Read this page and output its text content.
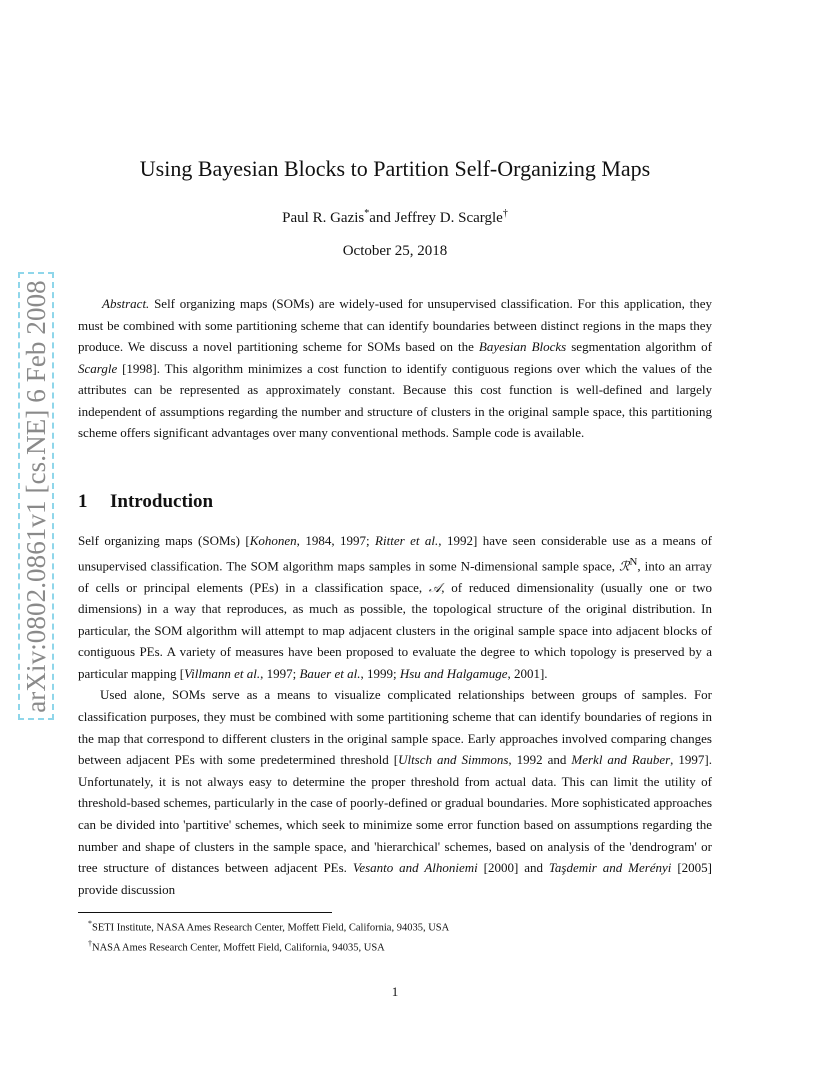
arXiv:0802.0861v1 [cs.NE] 6 Feb 2008
Using Bayesian Blocks to Partition Self-Organizing Maps
Paul R. Gazis*and Jeffrey D. Scargle†
October 25, 2018

Abstract. Self organizing maps (SOMs) are widely-used for unsupervised classification. For this application, they must be combined with some partitioning scheme that can identify boundaries between distinct regions in the maps they produce. We discuss a novel partitioning scheme for SOMs based on the Bayesian Blocks segmentation algorithm of Scargle [1998]. This algorithm minimizes a cost function to identify contiguous regions over which the values of the attributes can be represented as approximately constant. Because this cost function is well-defined and largely independent of assumptions regarding the number and structure of clusters in the original sample space, this partitioning scheme offers significant advantages over many conventional methods. Sample code is available.

1 Introduction

Self organizing maps (SOMs) [Kohonen, 1984, 1997; Ritter et al., 1992] have seen considerable use as a means of unsupervised classification. The SOM algorithm maps samples in some N-dimensional sample space, ℛ$^N$, into an array of cells or principal elements (PEs) in a classification space, 𝒜, of reduced dimensionality (usually one or two dimensions) in a way that reproduces, as much as possible, the topological structure of the original distribution. In particular, the SOM algorithm will attempt to map adjacent clusters in the original sample space into adjacent blocks of contiguous PEs. A variety of measures have been proposed to evaluate the degree to which topology is preserved by a particular mapping [Villmann et al., 1997; Bauer et al., 1999; Hsu and Halgamuge, 2001].

Used alone, SOMs serve as a means to visualize complicated relationships between groups of samples. For classification purposes, they must be combined with some partitioning scheme that can identify boundaries of regions in the map that correspond to different clusters in the original sample space. Early approaches involved comparing changes between adjacent PEs with some predetermined threshold [Ultsch and Simmons, 1992 and Merkl and Rauber, 1997]. Unfortunately, it is not always easy to determine the proper threshold from actual data. This can limit the utility of threshold-based schemes, particularly in the case of poorly-defined or gradual boundaries. More sophisticated approaches can be divided into 'partitive' schemes, which seek to minimize some error function based on assumptions regarding the number and shape of clusters in the sample space, and 'hierarchical' schemes, based on analysis of the 'dendrogram' or tree structure of distances between adjacent PEs. Vesanto and Alhoniemi [2000] and Taşdemir and Merényi [2005] provide discussion

*SETI Institute, NASA Ames Research Center, Moffett Field, California, 94035, USA
†NASA Ames Research Center, Moffett Field, California, 94035, USA
1
